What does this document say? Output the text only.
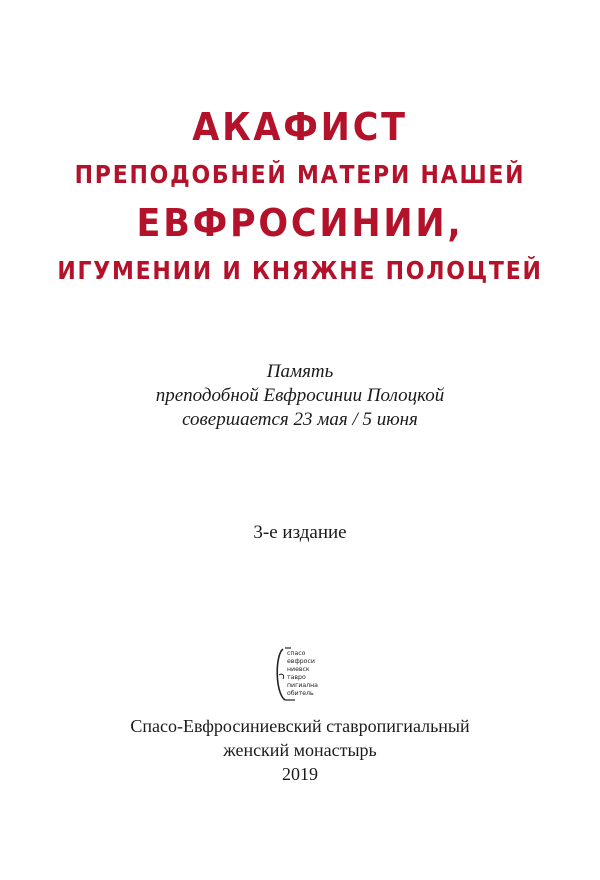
АКАФИСТ
ПРЕПОДОБНЕЙ МАТЕРИ НАШЕЙ
ЕВФРОСИНИИ,
ИГУМЕНИИ И КНЯЖНЕ ПОЛОЦТЕЙ
Память
преподобной Евфросинии Полоцкой
совершается 23 мая / 5 июня
3-е издание
спасо
евфроси
ниевск
тавро
пигиална
обитель
Спасо-Евфросиниевский ставропигиальный
женский монастырь
2019
